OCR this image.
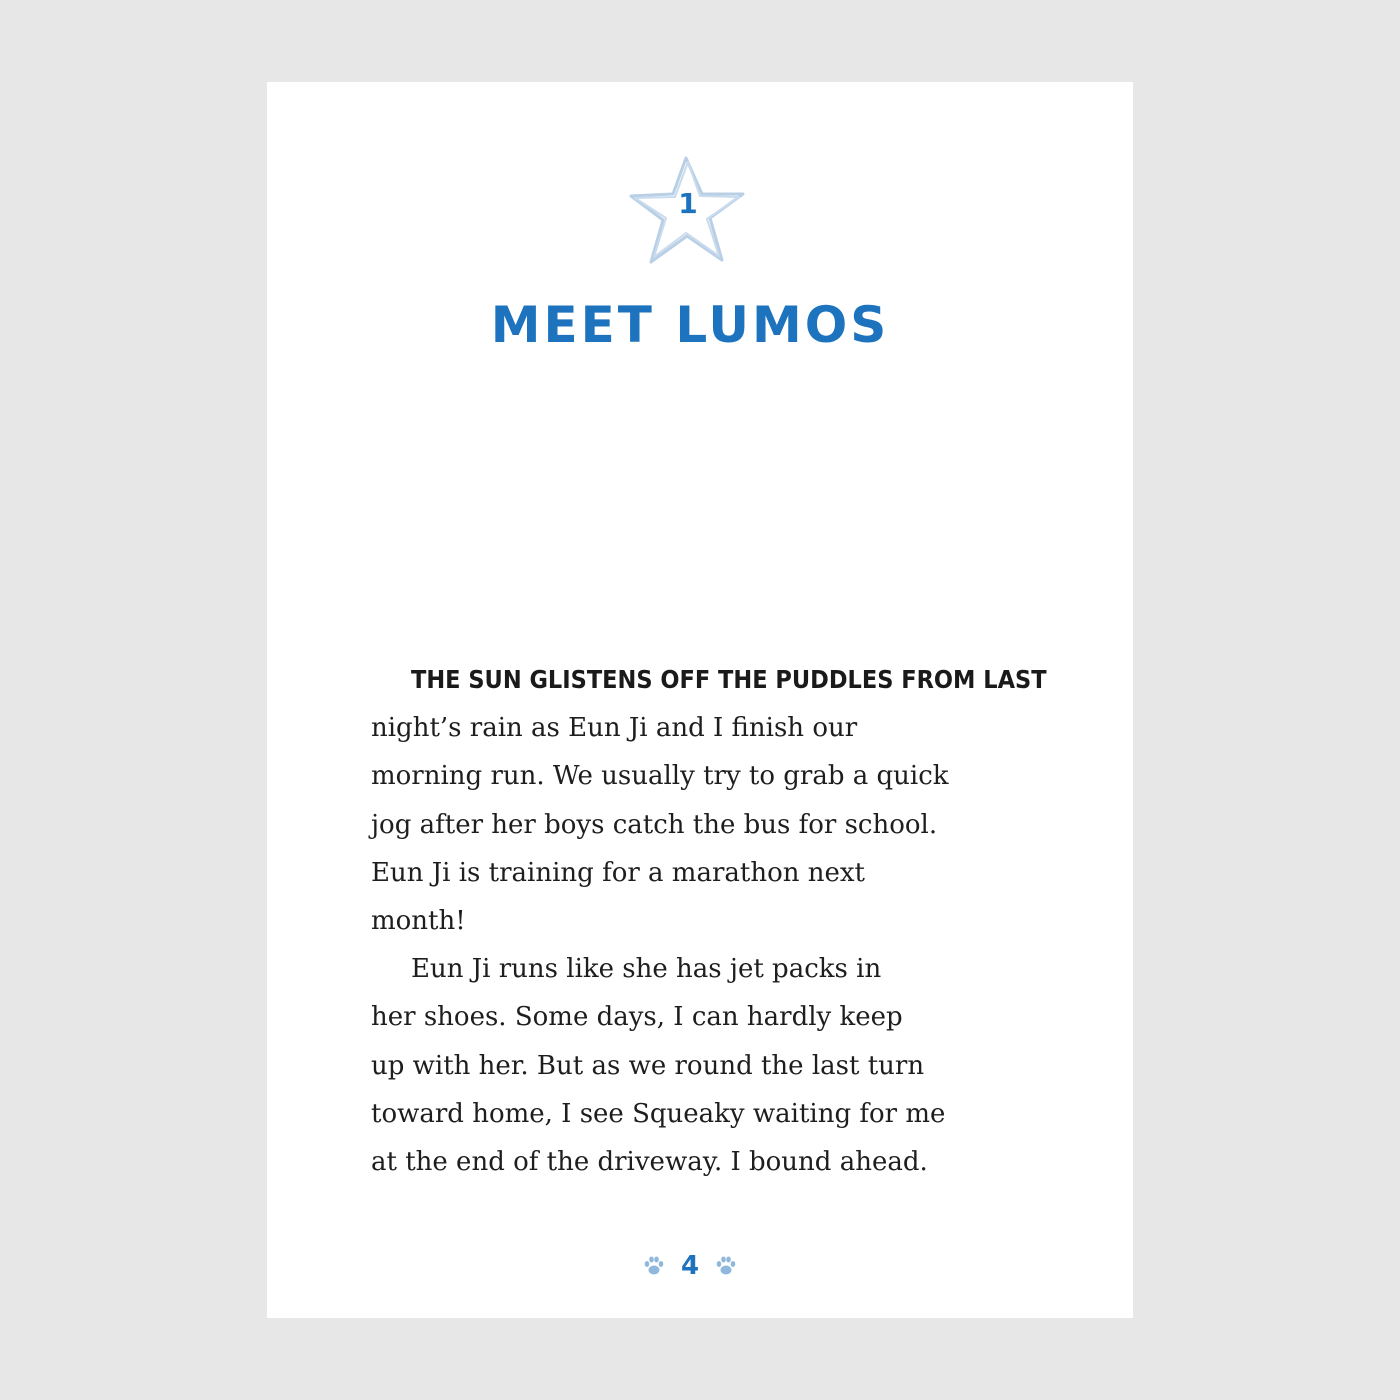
1
MEET LUMOS
THE SUN GLISTENS OFF THE PUDDLES FROM LAST
night’s rain as Eun Ji and I finish our
morning run. We usually try to grab a quick
jog after her boys catch the bus for school.
Eun Ji is training for a marathon next
month!
Eun Ji runs like she has jet packs in
her shoes. Some days, I can hardly keep
up with her. But as we round the last turn
toward home, I see Squeaky waiting for me
at the end of the driveway. I bound ahead.
4
